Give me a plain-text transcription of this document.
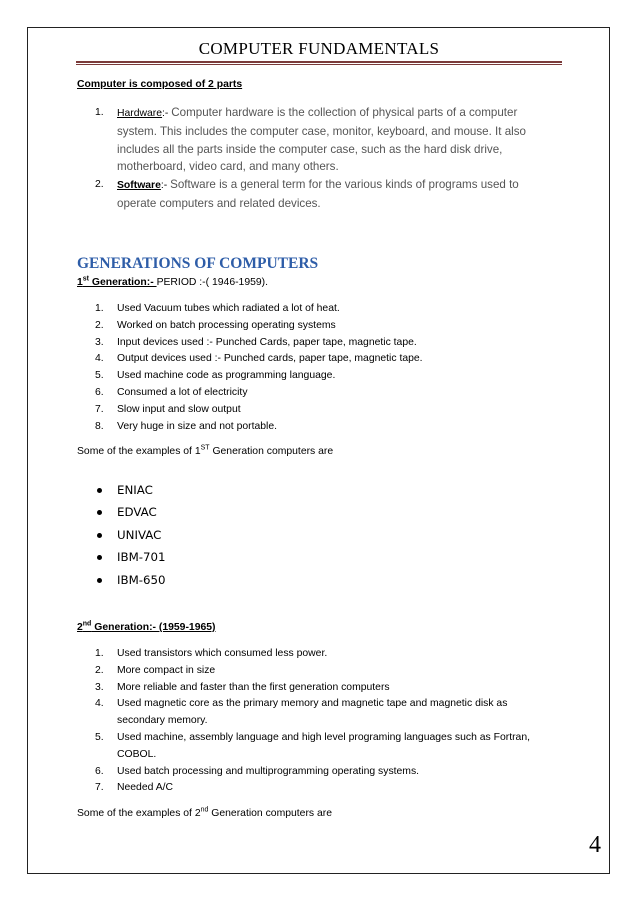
COMPUTER FUNDAMENTALS
Computer is composed of 2 parts
1. Hardware:- Computer hardware is the collection of physical parts of a computer
system. This includes the computer case, monitor, keyboard, and mouse. It also
includes all the parts inside the computer case, such as the hard disk drive,
motherboard, video card, and many others.
2. Software:- Software is a general term for the various kinds of programs used to
operate computers and related devices.
GENERATIONS OF COMPUTERS
1st Generation:- PERIOD :-( 1946-1959).
1. Used Vacuum tubes which radiated a lot of heat.
2. Worked on batch processing operating systems
3. Input devices used :- Punched Cards, paper tape, magnetic tape.
4. Output devices used :- Punched cards, paper tape, magnetic tape.
5. Used machine code as programming language.
6. Consumed a lot of electricity
7. Slow input and slow output
8. Very huge in size and not portable.
Some of the examples of 1ST Generation computers are
ENIAC
EDVAC
UNIVAC
IBM-701
IBM-650
2nd Generation:- (1959-1965)
1. Used transistors which consumed less power.
2. More compact in size
3. More reliable and faster than the first generation computers
4. Used magnetic core as the primary memory and magnetic tape and magnetic disk as
secondary memory.
5. Used machine, assembly language and high level programing languages such as Fortran,
COBOL.
6. Used batch processing and multiprogramming operating systems.
7. Needed A/C
Some of the examples of 2nd Generation computers are
4
